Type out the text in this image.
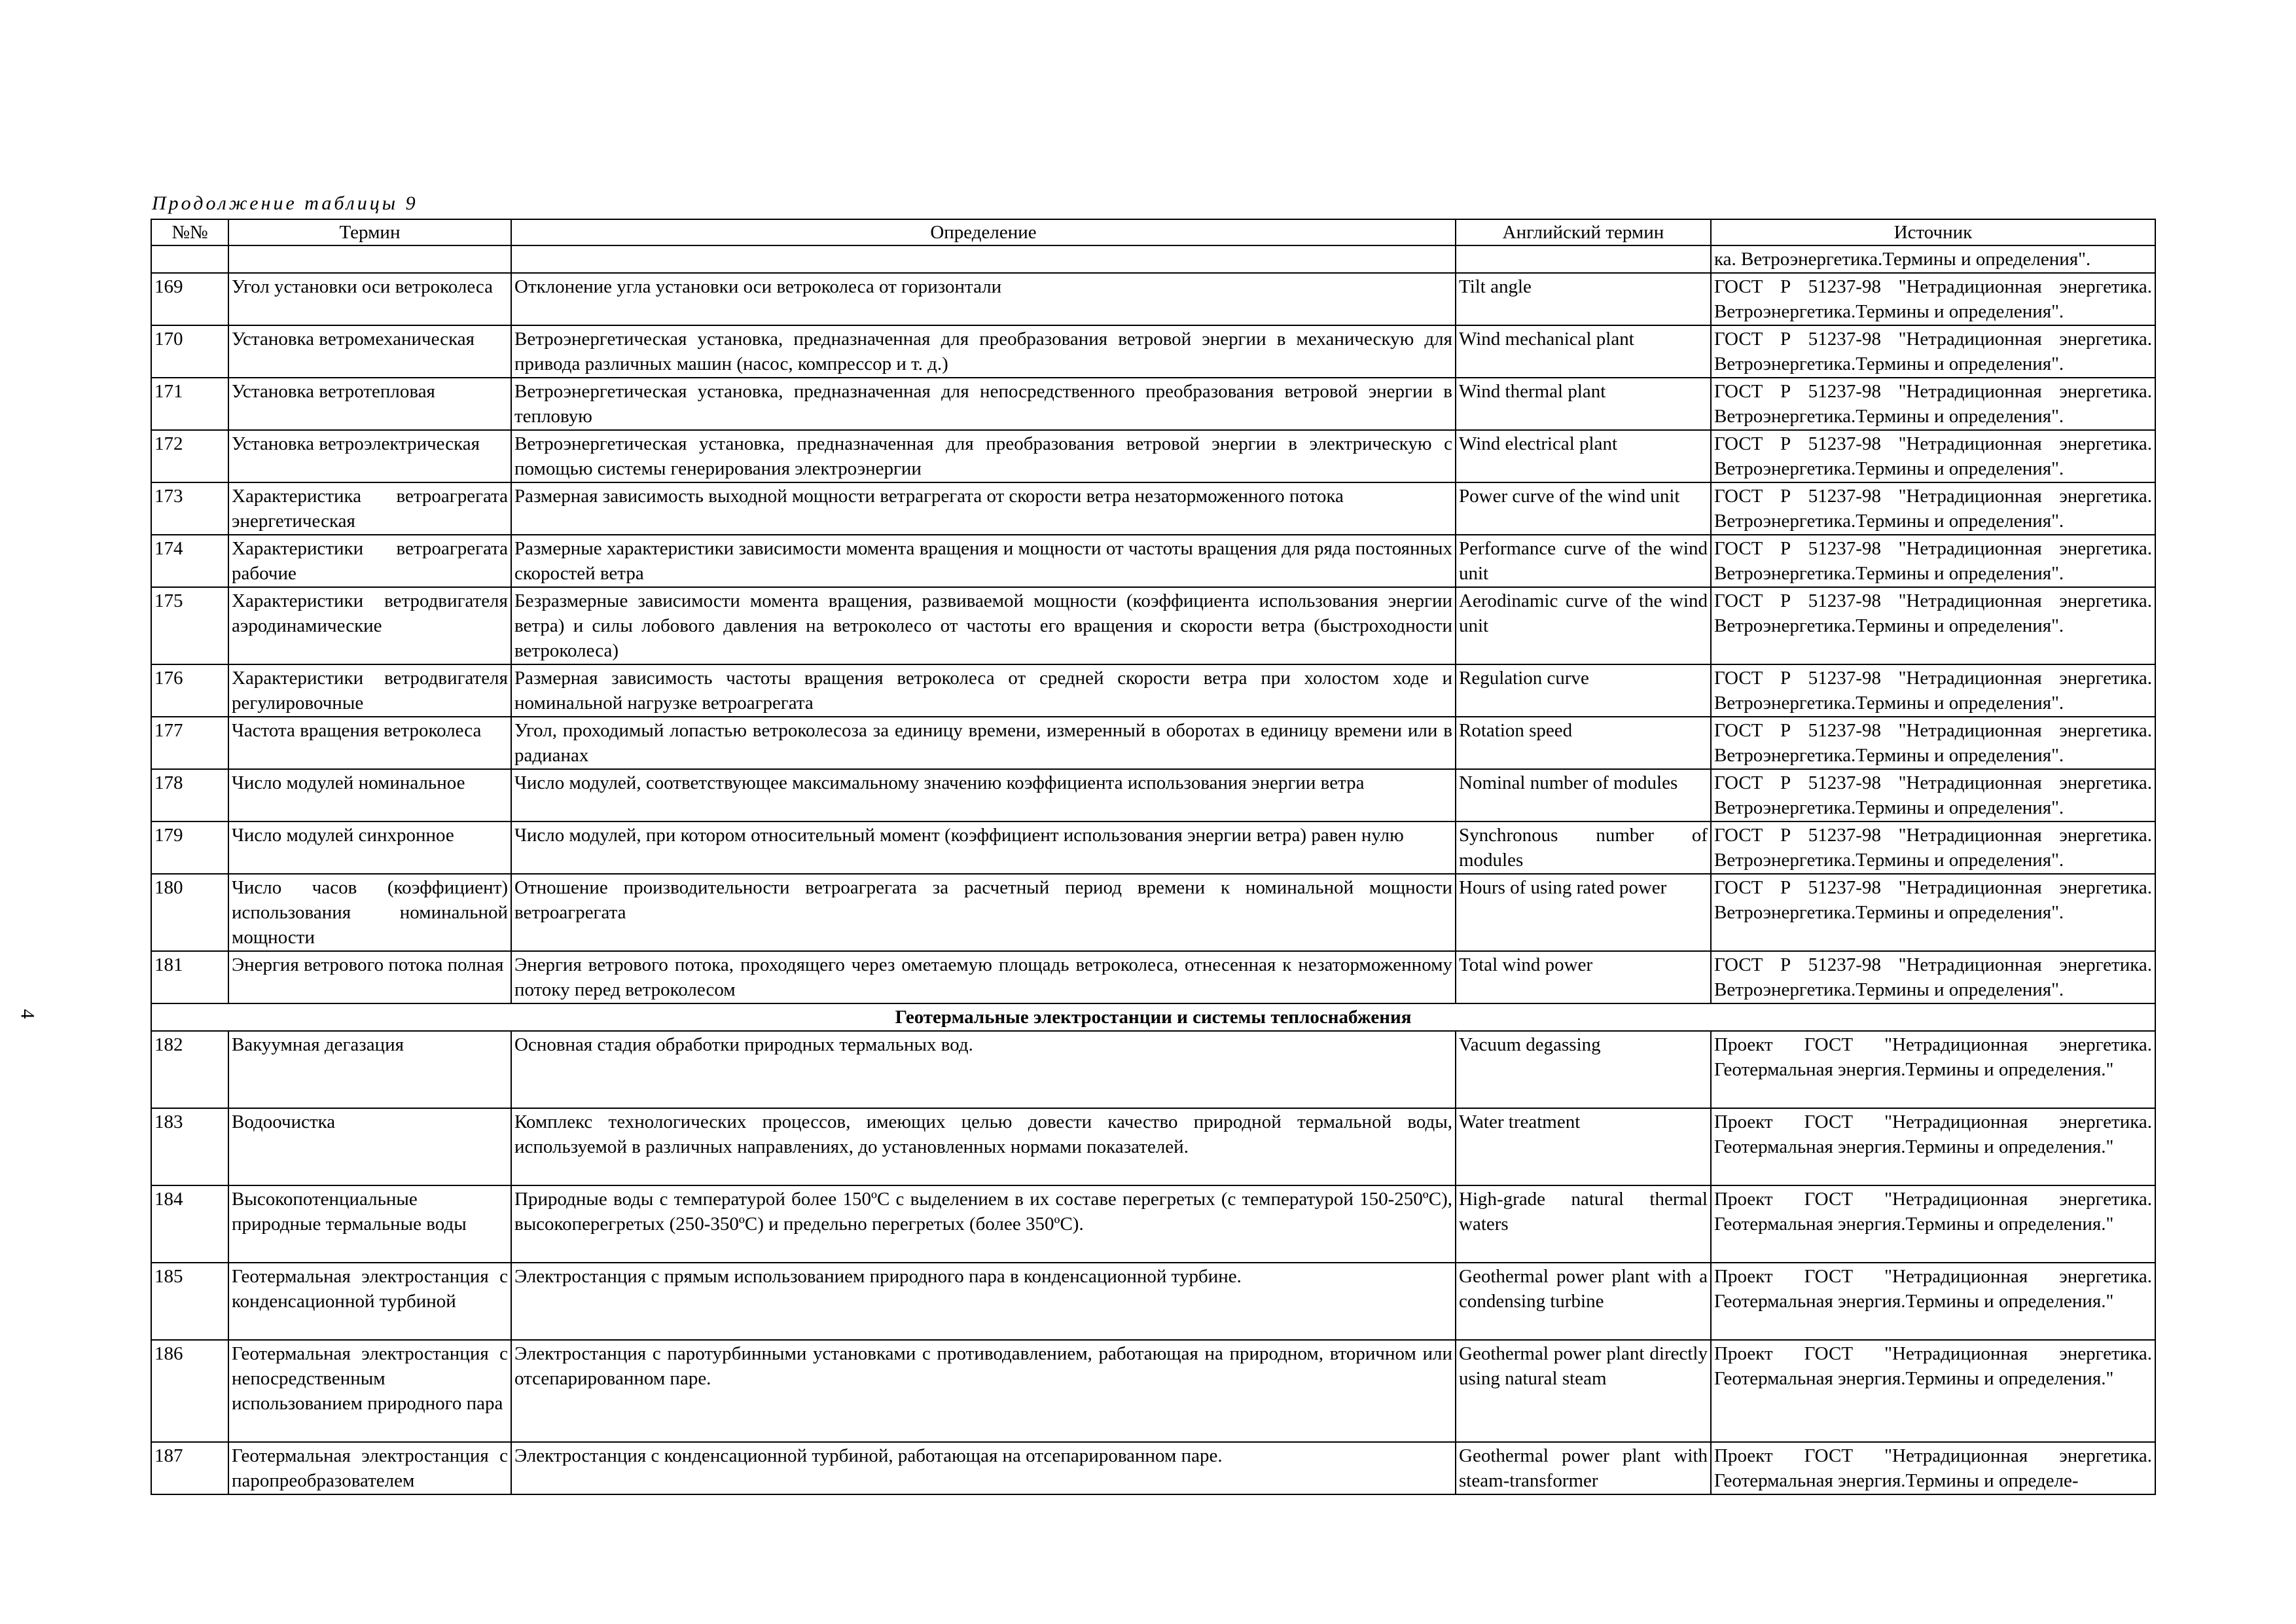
4
Продолжение таблицы 9
№№	Термин	Определение	Английский термин	Источник
				ка. Ветроэнергетика.Термины и определения".
169	Угол установки оси ветроколеса	Отклонение угла установки оси ветроколеса от горизонтали	Tilt angle	ГОСТ Р 51237-98 "Нетрадиционная энергетика. Ветроэнергетика.Термины и определения".
170	Установка ветромеханическая	Ветроэнергетическая установка, предназначенная для преобразования ветровой энергии в механическую для привода различных машин (насос, компрессор и т. д.)	Wind mechanical plant	ГОСТ Р 51237-98 "Нетрадиционная энергетика. Ветроэнергетика.Термины и определения".
171	Установка ветротепловая	Ветроэнергетическая установка, предназначенная для непосредственного преобразования ветровой энергии в тепловую	Wind thermal plant	ГОСТ Р 51237-98 "Нетрадиционная энергетика. Ветроэнергетика.Термины и определения".
172	Установка ветроэлектрическая	Ветроэнергетическая установка, предназначенная для преобразования ветровой энергии в электрическую с помощью системы генерирования электроэнергии	Wind electrical plant	ГОСТ Р 51237-98 "Нетрадиционная энергетика. Ветроэнергетика.Термины и определения".
173	Характеристика ветроагрегата энергетическая	Размерная зависимость выходной мощности ветрагрегата от скорости ветра незаторможенного потока	Power curve of the wind unit	ГОСТ Р 51237-98 "Нетрадиционная энергетика. Ветроэнергетика.Термины и определения".
174	Характеристики ветроагрегата рабочие	Размерные характеристики зависимости момента вращения и мощности от частоты вращения для ряда постоянных скоростей ветра	Performance curve of the wind unit	ГОСТ Р 51237-98 "Нетрадиционная энергетика. Ветроэнергетика.Термины и определения".
175	Характеристики ветродвигателя аэродинамические	Безразмерные зависимости момента вращения, развиваемой мощности (коэффициента использования энергии ветра) и силы лобового давления на ветроколесо от частоты его вращения и скорости ветра (быстроходности ветроколеса)	Aerodinamic curve of the wind unit	ГОСТ Р 51237-98 "Нетрадиционная энергетика. Ветроэнергетика.Термины и определения".
176	Характеристики ветродвигателя регулировочные	Размерная зависимость частоты вращения ветроколеса от средней скорости ветра при холостом ходе и номинальной нагрузке ветроагрегата	Regulation curve	ГОСТ Р 51237-98 "Нетрадиционная энергетика. Ветроэнергетика.Термины и определения".
177	Частота вращения ветроколеса	Угол, проходимый лопастью ветроколесоза за единицу времени, измеренный в оборотах в единицу времени или в радианах	Rotation speed	ГОСТ Р 51237-98 "Нетрадиционная энергетика. Ветроэнергетика.Термины и определения".
178	Число модулей номинальное	Число модулей, соответствующее максимальному значению коэффициента использования энергии ветра	Nominal number of modules	ГОСТ Р 51237-98 "Нетрадиционная энергетика. Ветроэнергетика.Термины и определения".
179	Число модулей синхронное	Число модулей, при котором относительный момент (коэффициент использования энергии ветра) равен нулю	Synchronous number of modules	ГОСТ Р 51237-98 "Нетрадиционная энергетика. Ветроэнергетика.Термины и определения".
180	Число часов (коэффициент) использования номинальной мощности	Отношение производительности ветроагрегата за расчетный период времени к номинальной мощности ветроагрегата	Hours of using rated power	ГОСТ Р 51237-98 "Нетрадиционная энергетика. Ветроэнергетика.Термины и определения".
181	Энергия ветрового потока полная	Энергия ветрового потока, проходящего через ометаемую площадь ветроколеса, отнесенная к незаторможенному потоку перед ветроколесом	Total wind power	ГОСТ Р 51237-98 "Нетрадиционная энергетика. Ветроэнергетика.Термины и определения".
Геотермальные электростанции и системы теплоснабжения				
182	Вакуумная дегазация	Основная стадия обработки природных термальных вод.	Vacuum degassing	Проект ГОСТ "Нетрадиционная энергетика. Геотермальная энергия.Термины и определения."
183	Водоочистка	Комплекс технологических процессов, имеющих целью довести качество природной термальной воды, используемой в различных направлениях, до установленных нормами показателей.	Water treatment	Проект ГОСТ "Нетрадиционная энергетика. Геотермальная энергия.Термины и определения."
184	Высокопотенциальные природные термальные воды	Природные воды с температурой более 150ºС с выделением в их составе перегретых (с температурой 150-250ºС), высокоперегретых (250-350ºС) и предельно перегретых (более 350ºС).	High-grade natural thermal waters	Проект ГОСТ "Нетрадиционная энергетика. Геотермальная энергия.Термины и определения."
185	Геотермальная электростанция с конденсационной турбиной	Электростанция с прямым использованием природного пара в конденсационной турбине.	Geothermal power plant with a condensing turbine	Проект ГОСТ "Нетрадиционная энергетика. Геотермальная энергия.Термины и определения."
186	Геотермальная электростанция с непосредственным использованием природного пара	Электростанция с паротурбинными установками с противодавлением, работающая на природном, вторичном или отсепарированном паре.	Geothermal power plant directly using natural steam	Проект ГОСТ "Нетрадиционная энергетика. Геотермальная энергия.Термины и определения."
187	Геотермальная электростанция с паропреобразователем	Электростанция с конденсационной турбиной, работающая на отсепарированном паре.	Geothermal power plant with steam-transformer	Проект ГОСТ "Нетрадиционная энергетика. Геотермальная энергия.Термины и определе-
